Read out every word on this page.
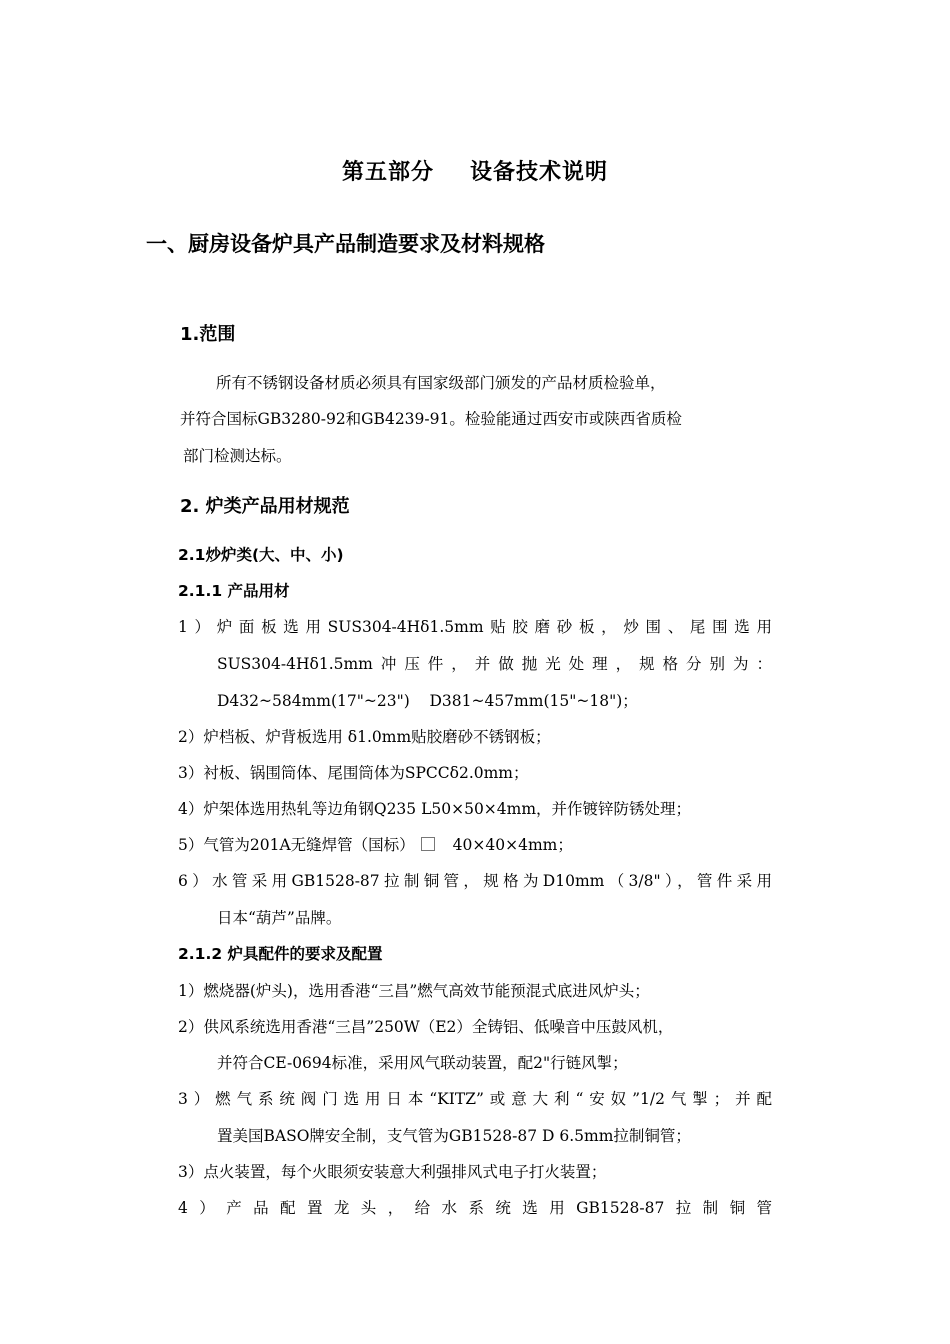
第五部分 设备技术说明
一、厨房设备炉具产品制造要求及材料规格
1.范围
所有不锈钢设备材质必须具有国家级部门颁发的产品材质检验单，
并符合国标GB3280-92和GB4239-91。检验能通过西安市或陕西省质检
部门检测达标。
2. 炉类产品用材规范
2.1炒炉类(大、中、小)
2.1.1 产品用材
1）炉面板选用SUS304-4Hδ1.5mm贴胶磨砂板，炒围、尾围选用
SUS304-4Hδ1.5mm冲压件，并做抛光处理，规格分别为：
D432~584mm(17"~23")    D381~457mm(15"~18")；
2）炉档板、炉背板选用 δ1.0mm贴胶磨砂不锈钢板；
3）衬板、锅围筒体、尾围筒体为SPCCδ2.0mm；
4）炉架体选用热轧等边角钢Q235 L50×50×4mm，并作镀锌防锈处理；
5）气管为201A无缝焊管（国标） 40×40×4mm；
6）水管采用GB1528-87拉制铜管，规格为D10mm（3/8"），管件采用
日本“葫芦”品牌。
2.1.2 炉具配件的要求及配置
1）燃烧器(炉头)，选用香港“三昌”燃气高效节能预混式底进风炉头；
2）供风系统选用香港“三昌”250W（E2）全铸铝、低噪音中压鼓风机，
并符合CE-0694标准，采用风气联动装置，配2"行链风掣；
3）燃气系统阀门选用日本“KITZ”或意大利“安奴”1/2气掣；并配
置美国BASO牌安全制，支气管为GB1528-87 D 6.5mm拉制铜管；
3）点火装置，每个火眼须安装意大利强排风式电子打火装置；
4）产品配置龙头，给水系统选用GB1528-87拉制铜管
